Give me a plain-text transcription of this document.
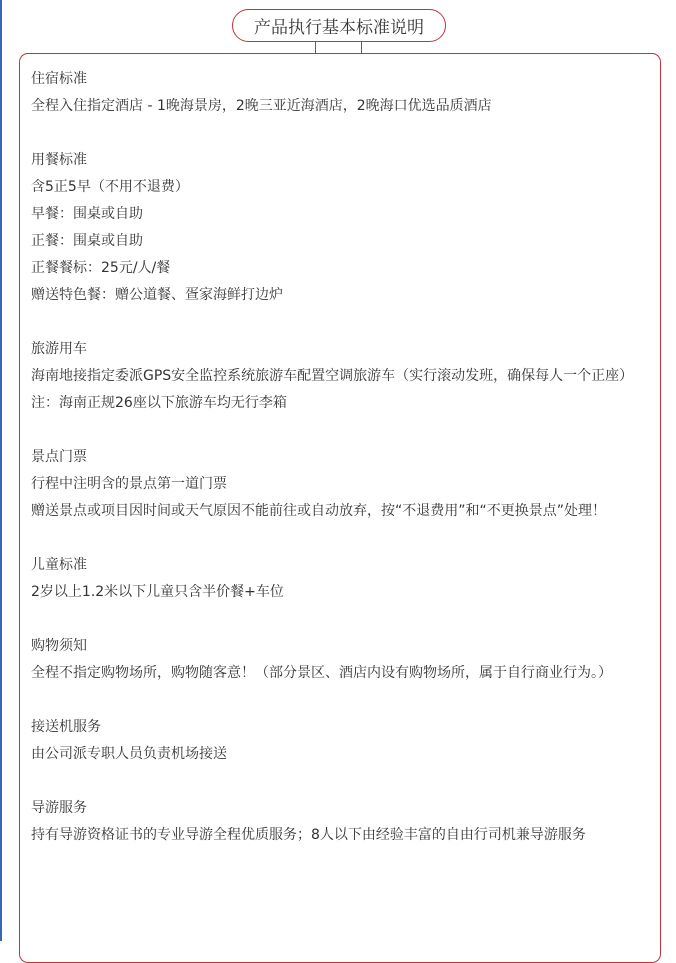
产品执行基本标准说明
住宿标准
全程入住指定酒店 - 1晚海景房，2晚三亚近海酒店，2晚海口优选品质酒店
用餐标准
含5正5早（不用不退费）
早餐：围桌或自助
正餐：围桌或自助
正餐餐标：25元/人/餐
赠送特色餐：赠公道餐、疍家海鲜打边炉
旅游用车
海南地接指定委派GPS安全监控系统旅游车配置空调旅游车（实行滚动发班，确保每人一个正座）
注：海南正规26座以下旅游车均无行李箱
景点门票
行程中注明含的景点第一道门票
赠送景点或项目因时间或天气原因不能前往或自动放弃，按“不退费用”和“不更换景点”处理！
儿童标准
2岁以上1.2米以下儿童只含半价餐+车位
购物须知
全程不指定购物场所，购物随客意！（部分景区、酒店内设有购物场所，属于自行商业行为。）
接送机服务
由公司派专职人员负责机场接送
导游服务
持有导游资格证书的专业导游全程优质服务；8人以下由经验丰富的自由行司机兼导游服务
